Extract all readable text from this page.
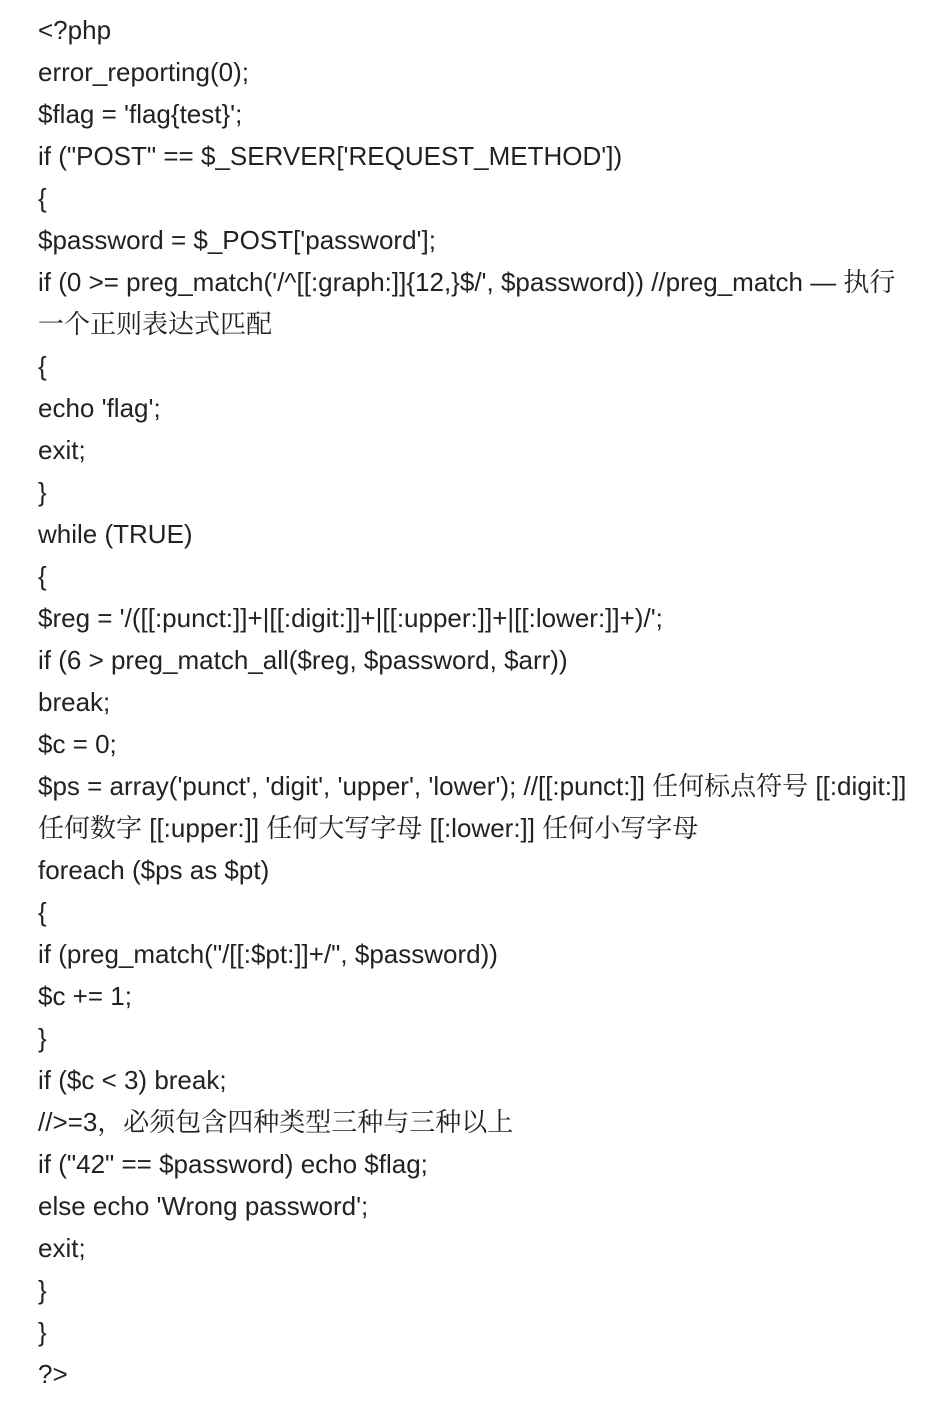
<?php
error_reporting(0);
$flag = 'flag{test}';
if ("POST" == $_SERVER['REQUEST_METHOD'])
{
$password = $_POST['password'];
if (0 >= preg_match('/^[[:graph:]]{12,}$/', $password)) //preg_match — 执行一个正则表达式匹配
{
echo 'flag';
exit;
}
while (TRUE)
{
$reg = '/([[:punct:]]+|[[:digit:]]+|[[:upper:]]+|[[:lower:]]+)/';
if (6 > preg_match_all($reg, $password, $arr))
break;
$c = 0;
$ps = array('punct', 'digit', 'upper', 'lower'); //[[:punct:]] 任何标点符号 [[:digit:]] 任何数字 [[:upper:]] 任何大写字母 [[:lower:]] 任何小写字母
foreach ($ps as $pt)
{
if (preg_match("/[[:$pt:]]+/", $password))
$c += 1;
}
if ($c < 3) break;
//>=3，必须包含四种类型三种与三种以上
if ("42" == $password) echo $flag;
else echo 'Wrong password';
exit;
}
}
?>
